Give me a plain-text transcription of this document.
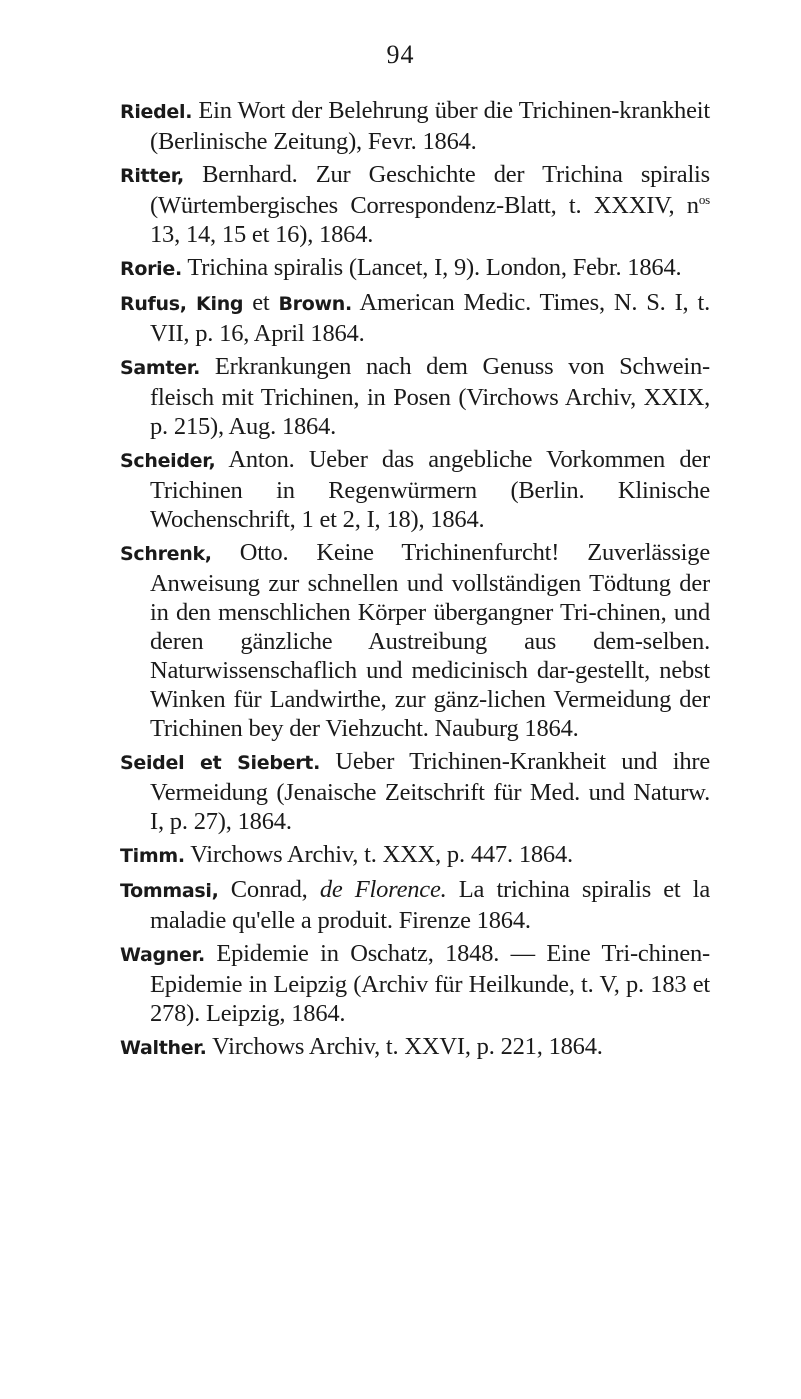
94

Riedel. Ein Wort der Belehrung über die Trichinen-krankheit (Berlinische Zeitung), Fevr. 1864.

Ritter, Bernhard. Zur Geschichte der Trichina spiralis (Würtembergisches Correspondenz-Blatt, t. XXXIV, $n^{os}$ 13, 14, 15 et 16), 1864.

Rorie. Trichina spiralis (Lancet, I, 9). London, Febr. 1864.

Rufus, King et Brown. American Medic. Times, N. S. I, t. VII, p. 16, April 1864.

Samter. Erkrankungen nach dem Genuss von Schwein-fleisch mit Trichinen, in Posen (Virchows Archiv, XXIX, p. 215), Aug. 1864.

Scheider, Anton. Ueber das angebliche Vorkommen der Trichinen in Regenwürmern (Berlin. Klinische Wochenschrift, 1 et 2, I, 18), 1864.

Schrenk, Otto. Keine Trichinenfurcht! Zuverlässige Anweisung zur schnellen und vollständigen Tödtung der in den menschlichen Körper übergangner Tri-chinen, und deren gänzliche Austreibung aus dem-selben. Naturwissenschaflich und medicinisch dar-gestellt, nebst Winken für Landwirthe, zur gänz-lichen Vermeidung der Trichinen bey der Viehzucht. Nauburg 1864.

Seidel et Siebert. Ueber Trichinen-Krankheit und ihre Vermeidung (Jenaische Zeitschrift für Med. und Naturw. I, p. 27), 1864.

Timm. Virchows Archiv, t. XXX, p. 447. 1864.

Tommasi, Conrad, de Florence. La trichina spiralis et la maladie qu'elle a produit. Firenze 1864.

Wagner. Epidemie in Oschatz, 1848. — Eine Tri-chinen-Epidemie in Leipzig (Archiv für Heilkunde, t. V, p. 183 et 278). Leipzig, 1864.

Walther. Virchows Archiv, t. XXVI, p. 221, 1864.
